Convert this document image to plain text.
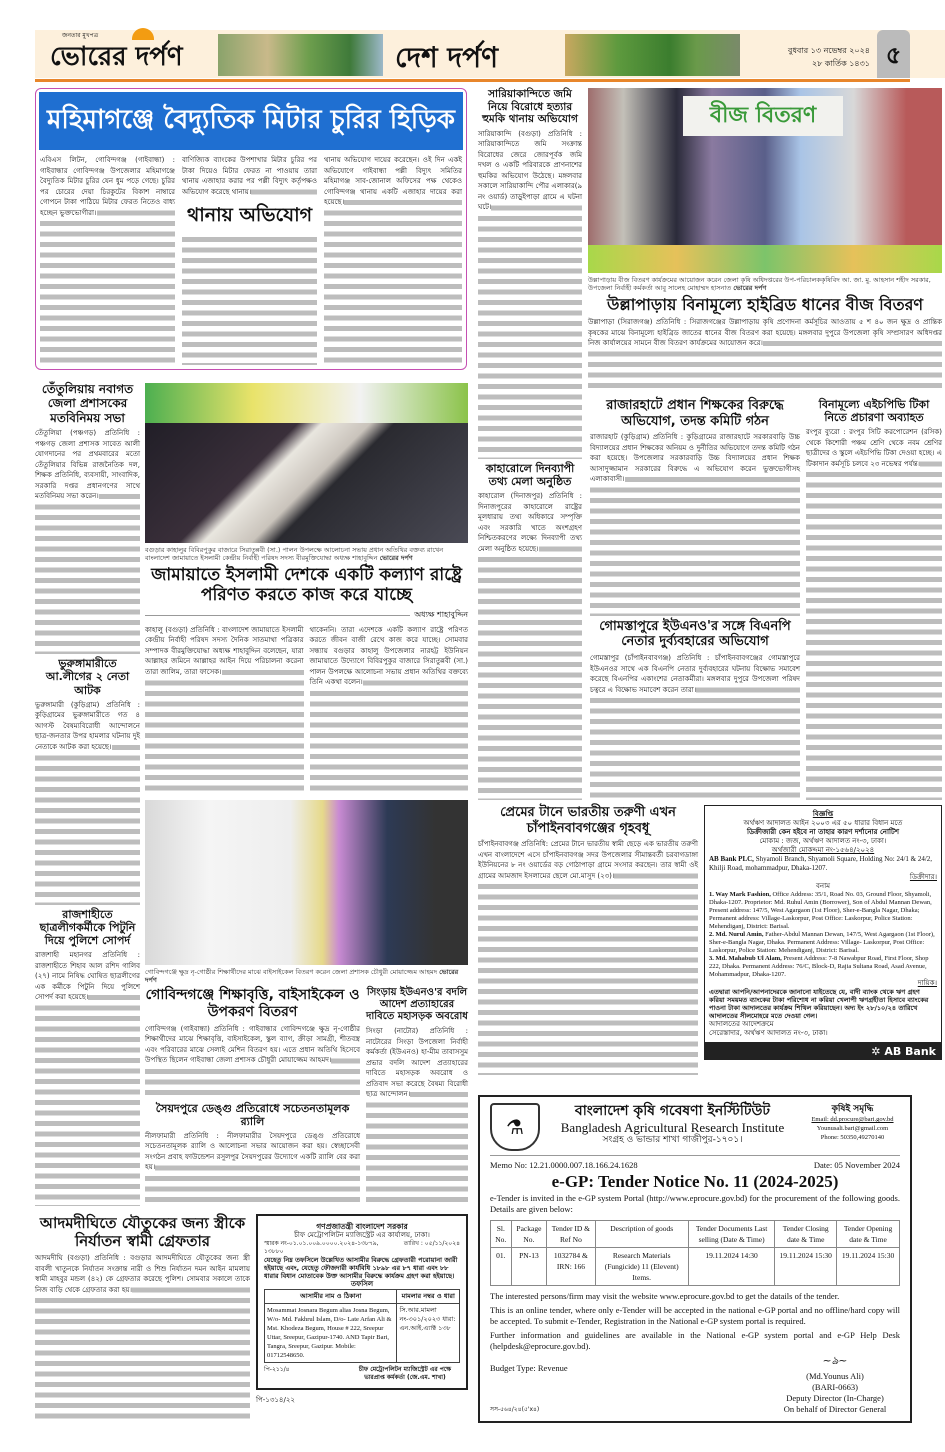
জনতার মুখপত্র
ভোরের দর্পণ	দেশ দর্পণ	বুধবার ১৩ নভেম্বর ২০২৪
২৮ কার্তিক ১৪৩১ ৫
মহিমাগঞ্জে বৈদ্যুতিক মিটার চুরির হিড়িক
এবিএস লিটন, গোবিন্দগঞ্জ (গাইবান্ধা) : গাইবান্ধার গোবিন্দগঞ্জ উপজেলার মহিমাগঞ্জে বৈদ্যুতিক মিটার চুরির যেন ধুম পড়ে গেছে। চুরির পর চোরের দেয়া চিরকুটের বিকাশ নাম্বারে গোপনে টাকা পাঠিয়ে মিটার ফেরত নিতেও বাধ্য হচ্ছেন ভুক্তভোগীরা।
বাণিজ্যিক ব্যাংকের উপশাখার মিটার চুরির পর টাকা দিয়েও মিটার ফেরত না পাওয়ায় তারা থানায় এজাহার করার পর পল্লী বিদ্যুৎ কর্তৃপক্ষও অভিযোগ করেছে থানায়।
থানায় অভিযোগ
থানায় অভিযোগ দায়ের করেছেন। ওই দিন একই অভিযোগে গাইবান্ধা পল্লী বিদ্যুৎ সমিতির মহিমাগঞ্জ সাব-জোনাল অফিসের পক্ষ থেকেও গোবিন্দগঞ্জ থানায় একটি এজাহার দায়ের করা হয়েছে।
তেঁতুলিয়ায় নবাগত জেলা প্রশাসকের মতবিনিময় সভা
তেঁতুলিয়া (পঞ্চগড়) প্রতিনিধি : পঞ্চগড় জেলা প্রশাসক সাবেত আলী যোগদানের পর প্রথমবারের মতো তেঁতুলিয়ার বিভিন্ন রাজনৈতিক দল, শিক্ষক প্রতিনিধি, ব্যবসায়ী, সাংবাদিক, সরকারি দপ্তর প্রধানগণের সাথে মতবিনিময় সভা করেন।
ভুরুঙ্গামারীতে আ.লীগের ২ নেতা আটক
ভুরুঙ্গামারী (কুড়িগ্রাম) প্রতিনিধি : কুড়িগ্রামের ভুরুঙ্গামারীতে গত ৪ আগস্ট বৈষম্যবিরোধী আন্দোলনে ছাত্র-জনতার উপর হামলার ঘটনায় দুই নেতাকে আটক করা হয়েছে।
রাজশাহীতে ছাত্রলীগকর্মীকে পিটুনি দিয়ে পুলিশে সোপর্দ
রাজশাহী মহানগর প্রতিনিধি : রাজশাহীতে শিহাব আল রশিদ গালিব (২৭) নামে নিষিদ্ধ ঘোষিত ছাত্রলীগের এক কর্মীকে পিটুনি দিয়ে পুলিশে সোপর্দ করা হয়েছে।
বগুড়ার কাহালুর বিবিরপুকুর বাজারে সিরাতুন্নবী (সা.) পালন উপলক্ষে আলোচনা সভায় প্রধান অতিথির বক্তব্য রাখেন বাংলাদেশ জামায়াতে ইসলামী কেন্দ্রীয় নির্বাহী পরিষদ সদস্য বীরমুক্তিযোদ্ধা অধ্যক্ষ শাহাবুদ্দিন ভোরের দর্পণ
জামায়াতে ইসলামী দেশকে একটি কল্যাণ রাষ্ট্রে পরিণত করতে কাজ করে যাচ্ছে
অধ্যক্ষ শাহাবুদ্দিন
কাহালু (বগুড়া) প্রতিনিধি : বাংলাদেশ জামায়াতে ইসলামী কেন্দ্রীয় নির্বাহী পরিষদ সদস্য দৈনিক সাতমাথা পত্রিকার সম্পাদক বীরমুক্তিযোদ্ধা অধ্যক্ষ শাহাবুদ্দিন বলেছেন, যারা আল্লাহর জমিনে আল্লাহর আইন দিয়ে পরিচালনা করেনা তারা জালিম, তারা ফাসেক।
থাকেননি। তারা এদেশকে একটি কল্যাণ রাষ্ট্রে পরিণত করতে জীবন বাজী রেখে কাজ করে যাচ্ছে। সোমবার সন্ধ্যায় বগুড়ার কাহালু উপজেলার নারহট্ট ইউনিয়ন জামায়াতে উদ্যোগে বিবিরপুকুর বাজারে সিরাতুন্নবী (সা.) পালন উপলক্ষে আলোচনা সভায় প্রধান অতিথির বক্তব্যে তিনি একথা বলেন।
গোবিন্দগঞ্জে ক্ষুদ্র নৃ-গোষ্ঠীর শিক্ষার্থীদের মাঝে বাইসাইকেল বিতরণ করেন জেলা প্রশাসক চৌধুরী মোয়াজ্জেম আহমদ ভোরের দর্পণ
গোবিন্দগঞ্জে শিক্ষাবৃত্তি, বাইসাইকেল ও উপকরণ বিতরণ
গোবিন্দগঞ্জ (গাইবান্ধা) প্রতিনিধি : গাইবান্ধার গোবিন্দগঞ্জে ক্ষুদ্র নৃ-গোষ্ঠীর শিক্ষার্থীদের মাঝে শিক্ষাবৃত্তি, বাইসাইকেল, স্কুল ব্যাগ, ক্রীড়া সামগ্রী, শীতবস্ত্র এবং পরিবারের মাঝে সেলাই মেশিন বিতরণ হয়। এতে প্রধান অতিথি হিসেবে উপস্থিত ছিলেন গাইবান্ধা জেলা প্রশাসক চৌধুরী মোয়াজ্জেম আহমদ।
সৈয়দপুরে ডেঙ্গু প্রতিরোধে সচেতনতামূলক র‍্যালি
নীলফামারী প্রতিনিধি : নীলফামারীর সৈয়দপুরে ডেঙ্গু প্রতিরোধে সচেতনতামূলক র‍্যালি ও আলোচনা সভার আয়োজন করা হয়। স্বেচ্ছাসেবী সংগঠন প্রবাহ ফাউন্ডেশন রসুলপুর সৈয়দপুরের উদ্যোগে একটি র‍্যালি বের করা হয়।
সিংড়ায় ইউএনও'র বদলি আদেশ প্রত্যাহারের দাবিতে মহাসড়ক অবরোধ
সিংড়া (নাটোর) প্রতিনিধি : নাটোরের সিংড়া উপজেলা নির্বাহী কর্মকর্তা (ইউএনও) হা-মীম তাবাসসুম প্রভার বদলি আদেশ প্রত্যাহারের দাবিতে মহাসড়ক অবরোধ ও প্রতিবাদ সভা করেছে বৈষম্য বিরোধী ছাত্র আন্দোলন।
আদমদীঘিতে যৌতুকের জন্য স্ত্রীকে নির্যাতন স্বামী গ্রেফতার
আদমদীঘি (বগুড়া) প্রতিনিধি : বগুড়ার আদমদীঘিতে যৌতুকের জন্য স্ত্রী বাবলী খাতুনকে নির্যাতন সংক্রান্ত নারী ও শিশু নির্যাতন দমন আইন মামলায় স্বামী মাহবুর মন্ডল (৪২) কে গ্রেফতার করেছে পুলিশ। সোমবার সকালে তাকে নিজ বাড়ি থেকে গ্রেফতার করা হয়।
গণপ্রজাতন্ত্রী বাংলাদেশ সরকার
চীফ মেট্রোপলিটন ম্যাজিস্ট্রেট এর কার্যালয়, ঢাকা।
স্মারক নং-০১.০১.০০৯.০০০০.২০২৪-১৩৮৭৯, ১৩৮৮০
তারিখ : ০৫/১১/২০২৪
যেহেতু নিম্ন তফসিলে উল্লেখিত আসামীর বিরুদ্ধে গ্রেফতারী পরোয়ানা জারী হইয়াছে এবং, যেহেতু ফৌজদারী কার্যবিধি ১৮৯৮ এর ৮৭ ধারা এবং ৮৮ ধারার বিধান মোতাবেক উক্ত আসামীর বিরুদ্ধে কার্যক্রম গ্রহণ করা হইয়াছে।
তফসিল
আসামীর নাম ও ঠিকানা	মামলার নম্বর ও ধারা
Mosammat Josnara Begum alias Josna Begum, W/o- Md. Fakhrul Islam, D/o- Late Arfan Ali & Mst. Khodeza Begum, House # 222, Sreepur Uttar, Sreepur, Gazipur-1740. AND Tapir Bari, Tangra, Sreepur, Gazipur. Mobile: 01712548650.	সি.আর.মামলা নং-৩০১/২০২৩ ধারা: এন.আই.এ্যাক্ট ১৩৮
পি-২১১/৪	চীফ মেট্রোপলিটন ম্যাজিস্ট্রেট এর পক্ষে ভারপ্রাপ্ত কর্মকর্তা (জে.এম. শাখা)
পি-১৩১৪/২২
সারিয়াকান্দিতে জমি নিয়ে বিরোধে হত্যার হুমকি থানায় অভিযোগ
সারিয়াকান্দি (বগুড়া) প্রতিনিধি : সারিয়াকান্দিতে জমি সংক্রান্ত বিরোধের জেরে জোরপূর্বক জমি দখল ও একটি পরিবারকে প্রাণনাশের হুমকির অভিযোগ উঠেছে। মঙ্গলবার সকালে সারিয়াকান্দি পৌর এলাকার(৯ নং ওয়ার্ড) তাড়ুইপাড়া গ্রামে এ ঘটনা ঘটে।
কাহারোলে দিনব্যাপী তথ্য মেলা অনুষ্ঠিত
কাহারোল (দিনাজপুর) প্রতিনিধি : দিনাজপুরের কাহারোলে রাষ্ট্রের মূলধারায় তথ্য অধিকারে সম্পৃক্তি এবং সরকারি খাতে অংশগ্রহণ নিশ্চিতকরণের লক্ষ্যে দিনব্যাপী তথ্য মেলা অনুষ্ঠিত হয়েছে।
বীজ বিতরণ
উল্লাপাড়ায় বীজ বিতরণ কার্যক্রমের আয়োজন করেন জেলা কৃষি অধিদপ্তরের উপ-পরিচালককৃষিবিদ আ. জা. মু. আহসান শহীদ সরকার, উপজেলা নির্বাহী কর্মকর্তা আবু সালেহ মোহাম্মদ হাসনাত ভোরের দর্পণ
উল্লাপাড়ায় বিনামূল্যে হাইব্রিড ধানের বীজ বিতরণ
উল্লাপাড়া (সিরাজগঞ্জ) প্রতিনিধি : সিরাজগঞ্জের উল্লাপাড়ায় কৃষি প্রণোদনা কর্মসূচির আওতায় ৫ শ ৪০ জন ক্ষুদ্র ও প্রান্তিক কৃষকের মাঝে বিনামূল্যে হাইব্রিড জাতের ধানের বীজ বিতরণ করা হয়েছে। মঙ্গলবার দুপুরে উপজেলা কৃষি সম্প্রসারণ অধিদপ্তর নিজ কার্যালয়ের সামনে বীজ বিতরণ কার্যক্রমের আয়োজন করে।
রাজারহাটে প্রধান শিক্ষকের বিরুদ্ধে অভিযোগ, তদন্ত কমিটি গঠন
রাজারহাট (কুড়িগ্রাম) প্রতিনিধি : কুড়িগ্রামের রাজারহাটে সরকারবাড়ি উচ্চ বিদ্যালয়ের প্রধান শিক্ষকের অনিয়ম ও দুর্নীতির অভিযোগে তদন্ত কমিটি গঠন করা হয়েছে। উপজেলার সরকারবাড়ি উচ্চ বিদ্যালয়ের প্রধান শিক্ষক আসাদুজ্জামান সরকারের বিরুদ্ধে এ অভিযোগ করেন ভুক্তভোগীসহ এলাকাবাসী।
গোমস্তাপুরে ইউএনও'র সঙ্গে বিএনপি নেতার দুর্ব্যবহারের অভিযোগ
গোমস্তাপুর (চাঁপাইনবাবগঞ্জ) প্রতিনিধি : চাঁপাইনবাবগঞ্জের গোমস্তাপুরে ইউএনওর সাথে এক বিএনপি নেতার দুর্ব্যবহারের ঘটনায় বিক্ষোভ সমাবেশ করেছে বিএনপির একাংশের নেতাকর্মীরা। মঙ্গলবার দুপুরে উপজেলা পরিষদ চত্বরে এ বিক্ষোভ সমাবেশ করেন তারা।
বিনামূল্যে এইচপিভি টিকা নিতে প্রচারণা অব্যাহত
রংপুর ব্যুরো : রংপুর সিটি করপোরেশন (রসিক) থেকে কিশোরী পঞ্চম শ্রেণি থেকে নবম শ্রেণির ছাত্রীদের ও স্কুলে এইচপিভি টিকা দেওয়া হচ্ছে। এ টিকাদান কর্মসূচি চলবে ২৩ নভেম্বর পর্যন্ত।
প্রেমের টানে ভারতীয় তরুণী এখন চাঁপাইনবাবগঞ্জের গৃহবধূ
চাঁপাইনবাবগঞ্জ প্রতিনিধি: প্রেমের টানে ভারতীয় স্বামী ছেড়ে এক ভারতীয় তরুণী এখন বাংলাদেশে এসে চাঁপাইনবাবগঞ্জ সদর উপজেলার সীমান্তবর্তী চরবাগডাঙ্গা ইউনিয়নের ৮ নং ওয়ার্ডের বড় গোঠাপাড়া গ্রামে সংসার করছেন। তার স্বামী ওই গ্রামের আমজাদ ইসলামের ছেলে মো.মাসুদ (২৩)।
বিজ্ঞপ্তি
অর্থঋণ আদালত আইন ২০০৩ এর ৫০ ধারার বিধান মতে
ডিক্রীজারী কেন হইবে না তাহার কারণ দর্শানোর নোটিশ
মোকাম : জজ, অর্থঋণ আদালত নং-৩, ঢাকা।
অর্থজারী মোকদ্দমা নং-১৫৬৪/২০২৪
AB Bank PLC, Shyamoli Branch, Shyamoli Square, Holding No: 24/1 & 24/2, Khilji Road, mohammadpur, Dhaka-1207.
ডিক্রীদার।
বনাম
1. Way Mark Fashion, Office Address: 35/1, Road No. 03, Ground Floor, Shyamoli, Dhaka-1207. Proprietor: Md. Ruhul Amin (Borrower), Son of Abdul Mannan Dewan, Present address: 147/5, West Agargaon (1st Floor), Sher-e-Bangla Nagar, Dhaka; Permanent address: Village-Laskorpur, Post Office: Laskorpur, Police Station: Mehendiganj, District: Barisal.
2. Md. Nurul Amin, Father-Abdul Mannan Dewan, 147/5, West Agargaon (1st Floor), Sher-e-Bangla Nagar, Dhaka. Permanent Address: Village- Laskorpur, Post Office: Laskorpur, Police Station: Mehendiganj, District: Barisal.
3. Md. Mahabub Ul Alam, Present Address: 7-8 Nawabpur Road, First Floor, Shop 222, Dhaka. Permanent Address: 76/C, Block-D, Rajia Sultana Road, Asad Avenue, Mohammadpur, Dhaka-1207.
দায়িক।
এতদ্বারা আপনি/আপনাদেরকে জানানো যাইতেছে যে, বাদী ব্যাংক থেকে ঋণ গ্রহণ করিয়া সময়মত ব্যাংকের টাকা পরিশোধ না করিয়া খেলাপী ঋণগ্রহীতা হিসাবে ব্যাংকের পাওনা টাকা আদালতের কার্যক্রম শিথিল করিয়াছেন। অদ্য ইং ২৮/১০/২৪ তারিখে আদালতের সীলমোহরে মতে দেওয়া গেল।
আদালতের আদেশক্রমে
সেরেস্তাদার, অর্থঋণ আদালত নং-৩, ঢাকা।
✲ AB Bank
⚗
বাংলাদেশ কৃষি গবেষণা ইনস্টিটিউট
Bangladesh Agricultural Research Institute
সংগ্রহ ও ভান্ডার শাখা গাজীপুর-১৭০১।
কৃষিই সমৃদ্ধি
Email: dd.procure@bari.gov.bd
Younusali.bari@gmail.com
Phone: 50350,49270140
Memo No: 12.21.0000.007.18.166.24.1628	Date: 05 November 2024
e-GP: Tender Notice No. 11 (2024-2025)
e-Tender is invited in the e-GP system Portal (http://www.eprocure.gov.bd) for the procurement of the following goods. Details are given below:
Sl. No.	Package No.	Tender ID & Ref No	Description of goods	Tender Documents Last selling (Date & Time)	Tender Closing date & Time	Tender Opening date & Time
01.	PN-13	1032784 & IRN: 166	Research Materials (Fungicide) 11 (Elevent) Items.	19.11.2024 14:30	19.11.2024 15:30	19.11.2024 15:30
The interested persons/firm may visit the website www.eprocure.gov.bd to get the datails of the tender.
This is an online tender, where only e-Tender will be accepted in the national e-GP portal and no offline/hard copy will be accepted. To submit e-Tender, Registration in the National e-GP system portal is required.
Further information and guidelines are available in the National e-GP system portal and e-GP Help Desk (helpdesk@eprocure.gov.bd).
Budget Type: Revenue
সস-৫৬৪/২৪(৫'x৪)
~ঌ~
(Md.Younus Ali)
(BARI-0663)
Deputy Director (In-Charge)
On behalf of Director General
